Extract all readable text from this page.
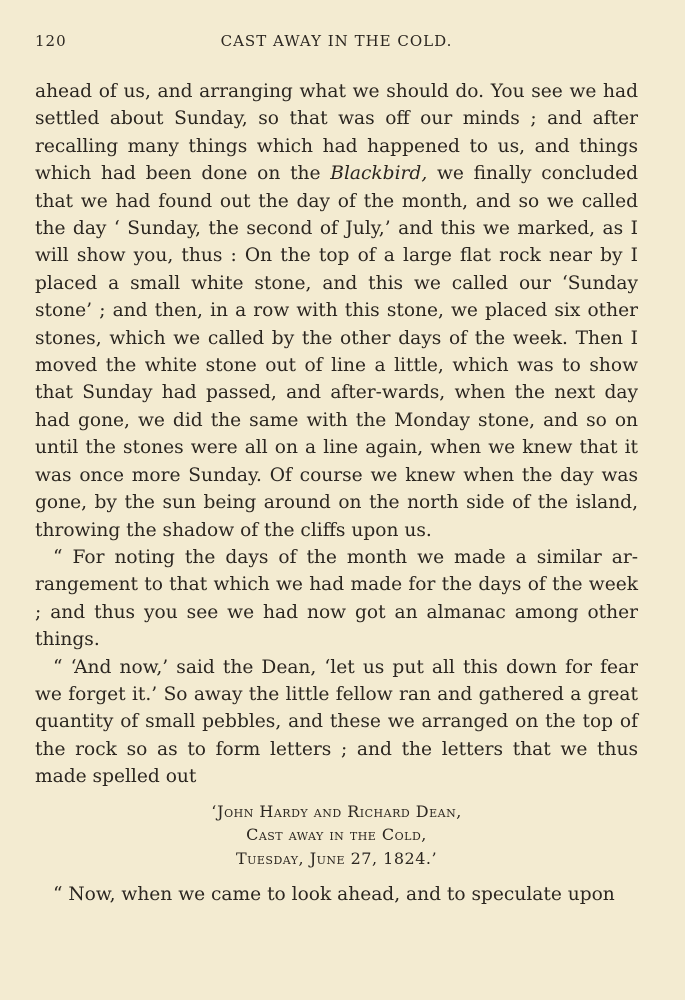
120	CAST AWAY IN THE COLD.

ahead of us, and arranging what we should do. You see we had settled about Sunday, so that was off our minds ; and after recalling many things which had happened to us, and things which had been done on the Blackbird, we finally concluded that we had found out the day of the month, and so we called the day ‘ Sunday, the second of July,’ and this we marked, as I will show you, thus : On the top of a large flat rock near by I placed a small white stone, and this we called our ‘Sunday stone’ ; and then, in a row with this stone, we placed six other stones, which we called by the other days of the week. Then I moved the white stone out of line a little, which was to show that Sunday had passed, and after-wards, when the next day had gone, we did the same with the Monday stone, and so on until the stones were all on a line again, when we knew that it was once more Sunday. Of course we knew when the day was gone, by the sun being around on the north side of the island, throwing the shadow of the cliffs upon us.

“ For noting the days of the month we made a similar ar-rangement to that which we had made for the days of the week ; and thus you see we had now got an almanac among other things.

“ ‘And now,’ said the Dean, ‘let us put all this down for fear we forget it.’ So away the little fellow ran and gathered a great quantity of small pebbles, and these we arranged on the top of the rock so as to form letters ; and the letters that we thus made spelled out

‘John Hardy and Richard Dean,
Cast away in the Cold,
Tuesday, June 27, 1824.’

“ Now, when we came to look ahead, and to speculate upon
